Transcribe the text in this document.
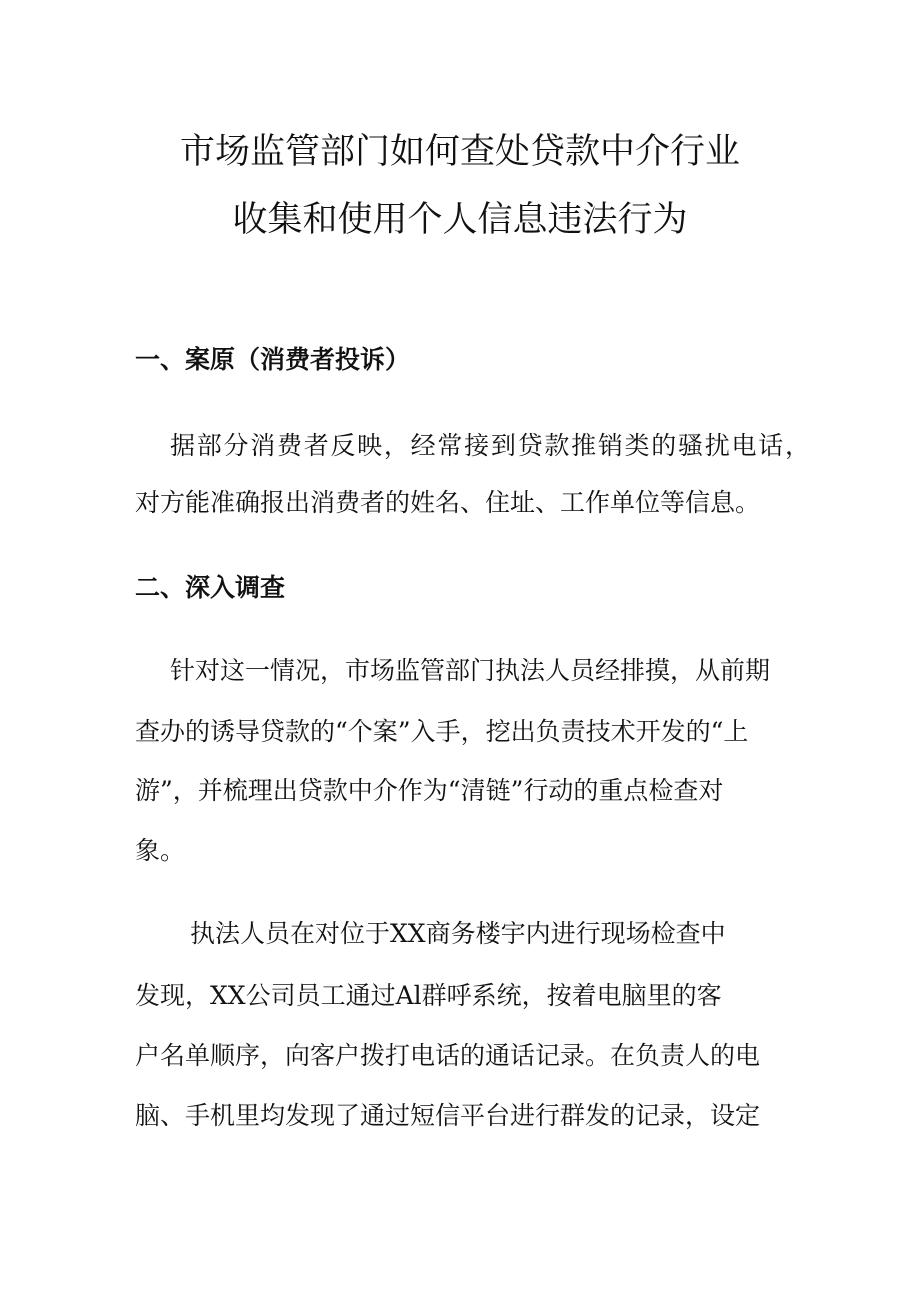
市场监管部门如何查处贷款中介行业
收集和使用个人信息违法行为
一、案原（消费者投诉）
据部分消费者反映，经常接到贷款推销类的骚扰电话，
对方能准确报出消费者的姓名、住址、工作单位等信息。
二、深入调查
针对这一情况，市场监管部门执法人员经排摸，从前期
查办的诱导贷款的“个案”入手，挖出负责技术开发的“上
游”，并梳理出贷款中介作为“清链”行动的重点检查对
象。
执法人员在对位于XX商务楼宇内进行现场检查中
发现，XX公司员工通过Al群呼系统，按着电脑里的客
户名单顺序，向客户拨打电话的通话记录。在负责人的电
脑、手机里均发现了通过短信平台进行群发的记录，设定
